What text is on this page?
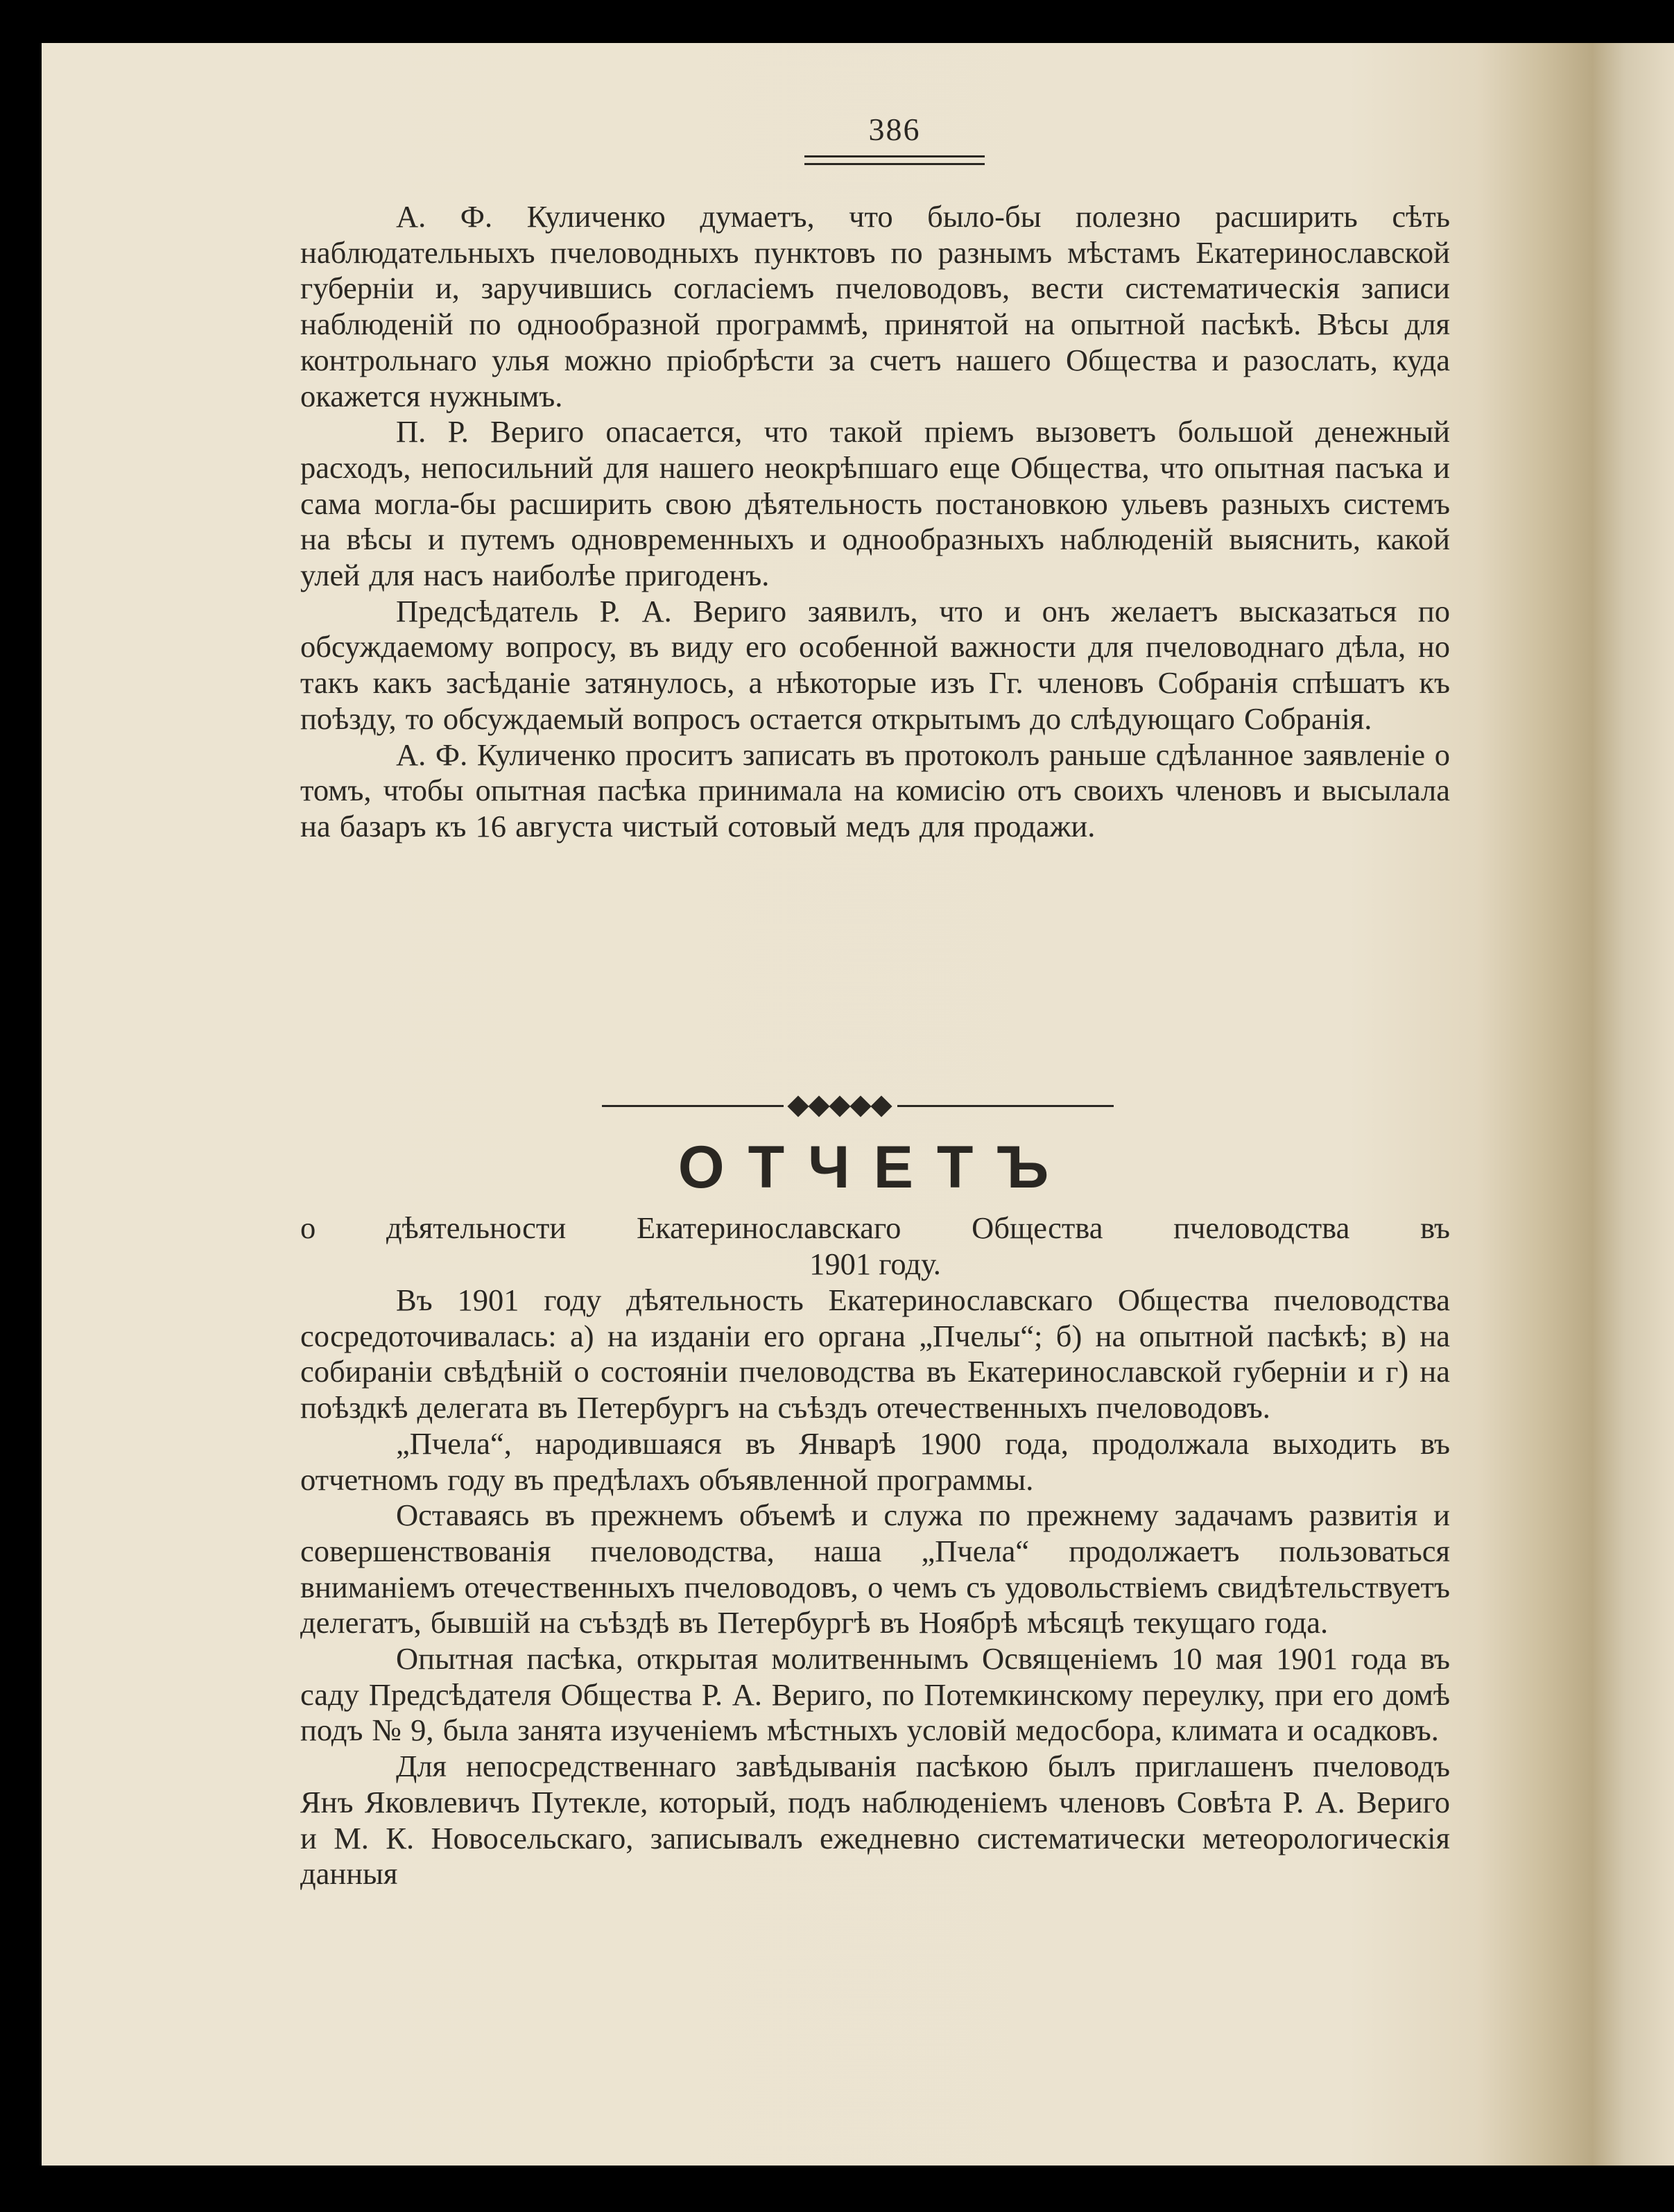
386

А. Ф. Куличенко думаетъ, что было-бы полезно расширить сѣть наблюдательныхъ пчеловодныхъ пунктовъ по разнымъ мѣстамъ Екатеринославской губерніи и, заручившись согласіемъ пчеловодовъ, вести систематическія записи наблюденій по однообразной программѣ, принятой на опытной пасѣкѣ. Вѣсы для контрольнаго улья можно пріобрѣсти за счетъ нашего Общества и разослать, куда окажется нужнымъ.

П. Р. Вериго опасается, что такой пріемъ вызоветъ большой денежный расходъ, непосильний для нашего неокрѣпшаго еще Общества, что опытная пасъка и сама могла-бы расширить свою дѣятельность постановкою ульевъ разныхъ системъ на вѣсы и путемъ одновременныхъ и однообразныхъ наблюденій выяснить, какой улей для насъ наиболѣе пригоденъ.

Предсѣдатель Р. А. Вериго заявилъ, что и онъ желаетъ высказаться по обсуждаемому вопросу, въ виду его особенной важности для пчеловоднаго дѣла, но такъ какъ засѣданіе затянулось, а нѣкоторые изъ Гг. членовъ Собранія спѣшатъ къ поѣзду, то обсуждаемый вопросъ остается открытымъ до слѣдующаго Собранія.

А. Ф. Куличенко проситъ записать въ протоколъ раньше сдѣланное заявленіе о томъ, чтобы опытная пасѣка принимала на комисію отъ своихъ членовъ и высылала на базаръ къ 16 августа чистый сотовый медъ для продажи.

ОТЧЕТЪ
о дѣятельности Екатеринославскаго Общества пчеловодства въ
1901 году.

Въ 1901 году дѣятельность Екатеринославскаго Общества пчеловодства сосредоточивалась: а) на изданіи его органа „Пчелы“; б) на опытной пасѣкѣ; в) на собираніи свѣдѣній о состояніи пчеловодства въ Екатеринославской губерніи и г) на поѣздкѣ делегата въ Петербургъ на съѣздъ отечественныхъ пчеловодовъ.

„Пчела“, народившаяся въ Январѣ 1900 года, продолжала выходить въ отчетномъ году въ предѣлахъ объявленной программы.

Оставаясь въ прежнемъ объемѣ и служа по прежнему задачамъ развитія и совершенствованія пчеловодства, наша „Пчела“ продолжаетъ пользоваться вниманіемъ отечественныхъ пчеловодовъ, о чемъ съ удовольствіемъ свидѣтельствуетъ делегатъ, бывшій на съѣздѣ въ Петербургѣ въ Ноябрѣ мѣсяцѣ текущаго года.

Опытная пасѣка, открытая молитвеннымъ Освященіемъ 10 мая 1901 года въ саду Предсѣдателя Общества Р. А. Вериго, по Потемкинскому переулку, при его домѣ подъ № 9, была занята изученіемъ мѣстныхъ условій медосбора, климата и осадковъ.

Для непосредственнаго завѣдыванія пасѣкою былъ приглашенъ пчеловодъ Янъ Яковлевичъ Путекле, который, подъ наблюденіемъ членовъ Совѣта Р. А. Вериго и М. К. Новосельскаго, записывалъ ежедневно систематически метеорологическія данныя
